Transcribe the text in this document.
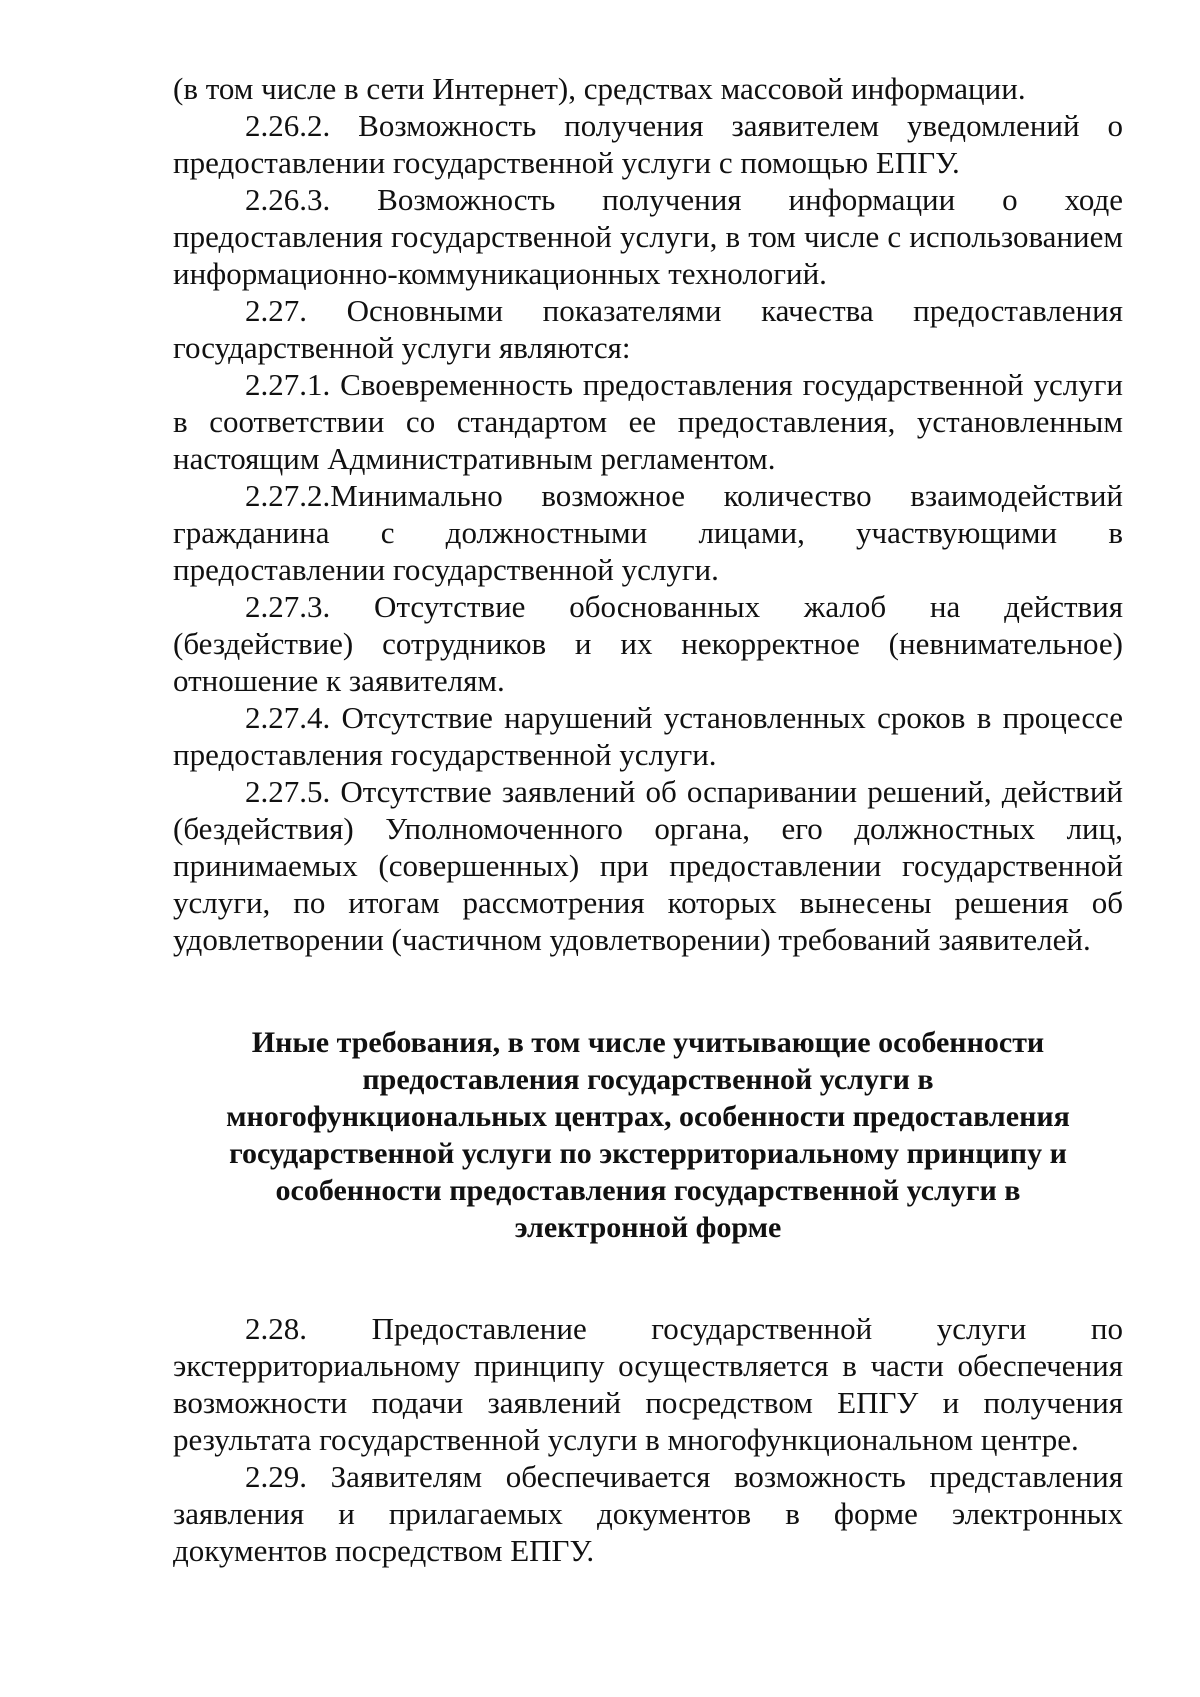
(в том числе в сети Интернет), средствах массовой информации.

2.26.2. Возможность получения заявителем уведомлений о предоставлении государственной услуги с помощью ЕПГУ.

2.26.3. Возможность получения информации о ходе предоставления государственной услуги, в том числе с использованием информационно-коммуникационных технологий.

2.27. Основными показателями качества предоставления государственной услуги являются:

2.27.1. Своевременность предоставления государственной услуги в соответствии со стандартом ее предоставления, установленным настоящим Административным регламентом.

2.27.2.Минимально возможное количество взаимодействий гражданина с должностными лицами, участвующими в предоставлении государственной услуги.

2.27.3. Отсутствие обоснованных жалоб на действия (бездействие) сотрудников и их некорректное (невнимательное) отношение к заявителям.

2.27.4. Отсутствие нарушений установленных сроков в процессе предоставления государственной услуги.

2.27.5. Отсутствие заявлений об оспаривании решений, действий (бездействия) Уполномоченного органа, его должностных лиц, принимаемых (совершенных) при предоставлении государственной услуги, по итогам рассмотрения которых вынесены решения об удовлетворении (частичном удовлетворении) требований заявителей.

Иные требования, в том числе учитывающие особенности
предоставления государственной услуги в
многофункциональных центрах, особенности предоставления
государственной услуги по экстерриториальному принципу и
особенности предоставления государственной услуги в
электронной форме

2.28. Предоставление государственной услуги по экстерриториальному принципу осуществляется в части обеспечения возможности подачи заявлений посредством ЕПГУ и получения результата государственной услуги в многофункциональном центре.

2.29. Заявителям обеспечивается возможность представления заявления и прилагаемых документов в форме электронных документов посредством ЕПГУ.
